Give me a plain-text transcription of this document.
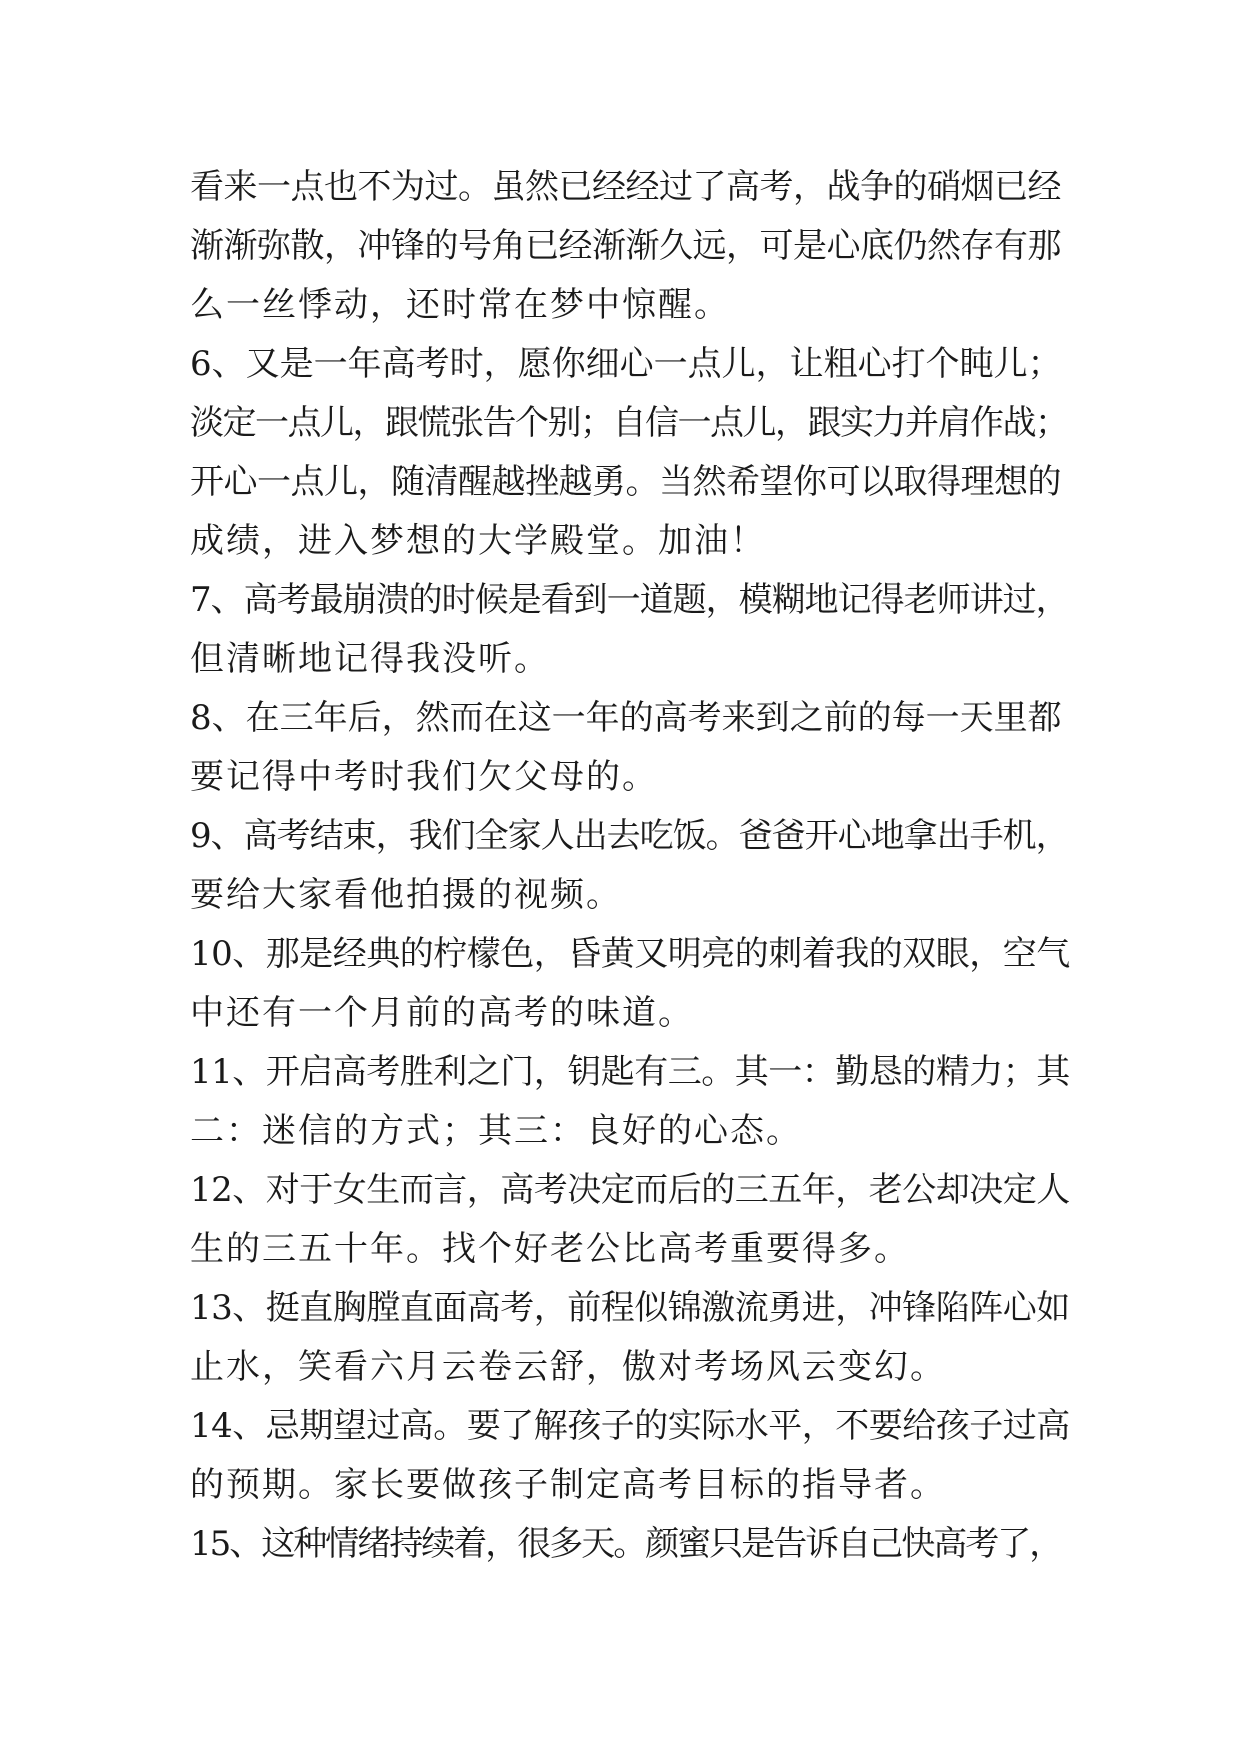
看来一点也不为过。虽然已经经过了高考，战争的硝烟已经
渐渐弥散，冲锋的号角已经渐渐久远，可是心底仍然存有那
么一丝悸动，还时常在梦中惊醒。
6、又是一年高考时，愿你细心一点儿，让粗心打个盹儿；
淡定一点儿，跟慌张告个别；自信一点儿，跟实力并肩作战；
开心一点儿，随清醒越挫越勇。当然希望你可以取得理想的
成绩，进入梦想的大学殿堂。加油！
7、高考最崩溃的时候是看到一道题，模糊地记得老师讲过，
但清晰地记得我没听。
8、在三年后，然而在这一年的高考来到之前的每一天里都
要记得中考时我们欠父母的。
9、高考结束，我们全家人出去吃饭。爸爸开心地拿出手机，
要给大家看他拍摄的视频。
10、那是经典的柠檬色，昏黄又明亮的刺着我的双眼，空气
中还有一个月前的高考的味道。
11、开启高考胜利之门，钥匙有三。其一：勤恳的精力；其
二：迷信的方式；其三：良好的心态。
12、对于女生而言，高考决定而后的三五年，老公却决定人
生的三五十年。找个好老公比高考重要得多。
13、挺直胸膛直面高考，前程似锦激流勇进，冲锋陷阵心如
止水，笑看六月云卷云舒，傲对考场风云变幻。
14、忌期望过高。要了解孩子的实际水平，不要给孩子过高
的预期。家长要做孩子制定高考目标的指导者。
15、这种情绪持续着，很多天。颜蜜只是告诉自己快高考了，
